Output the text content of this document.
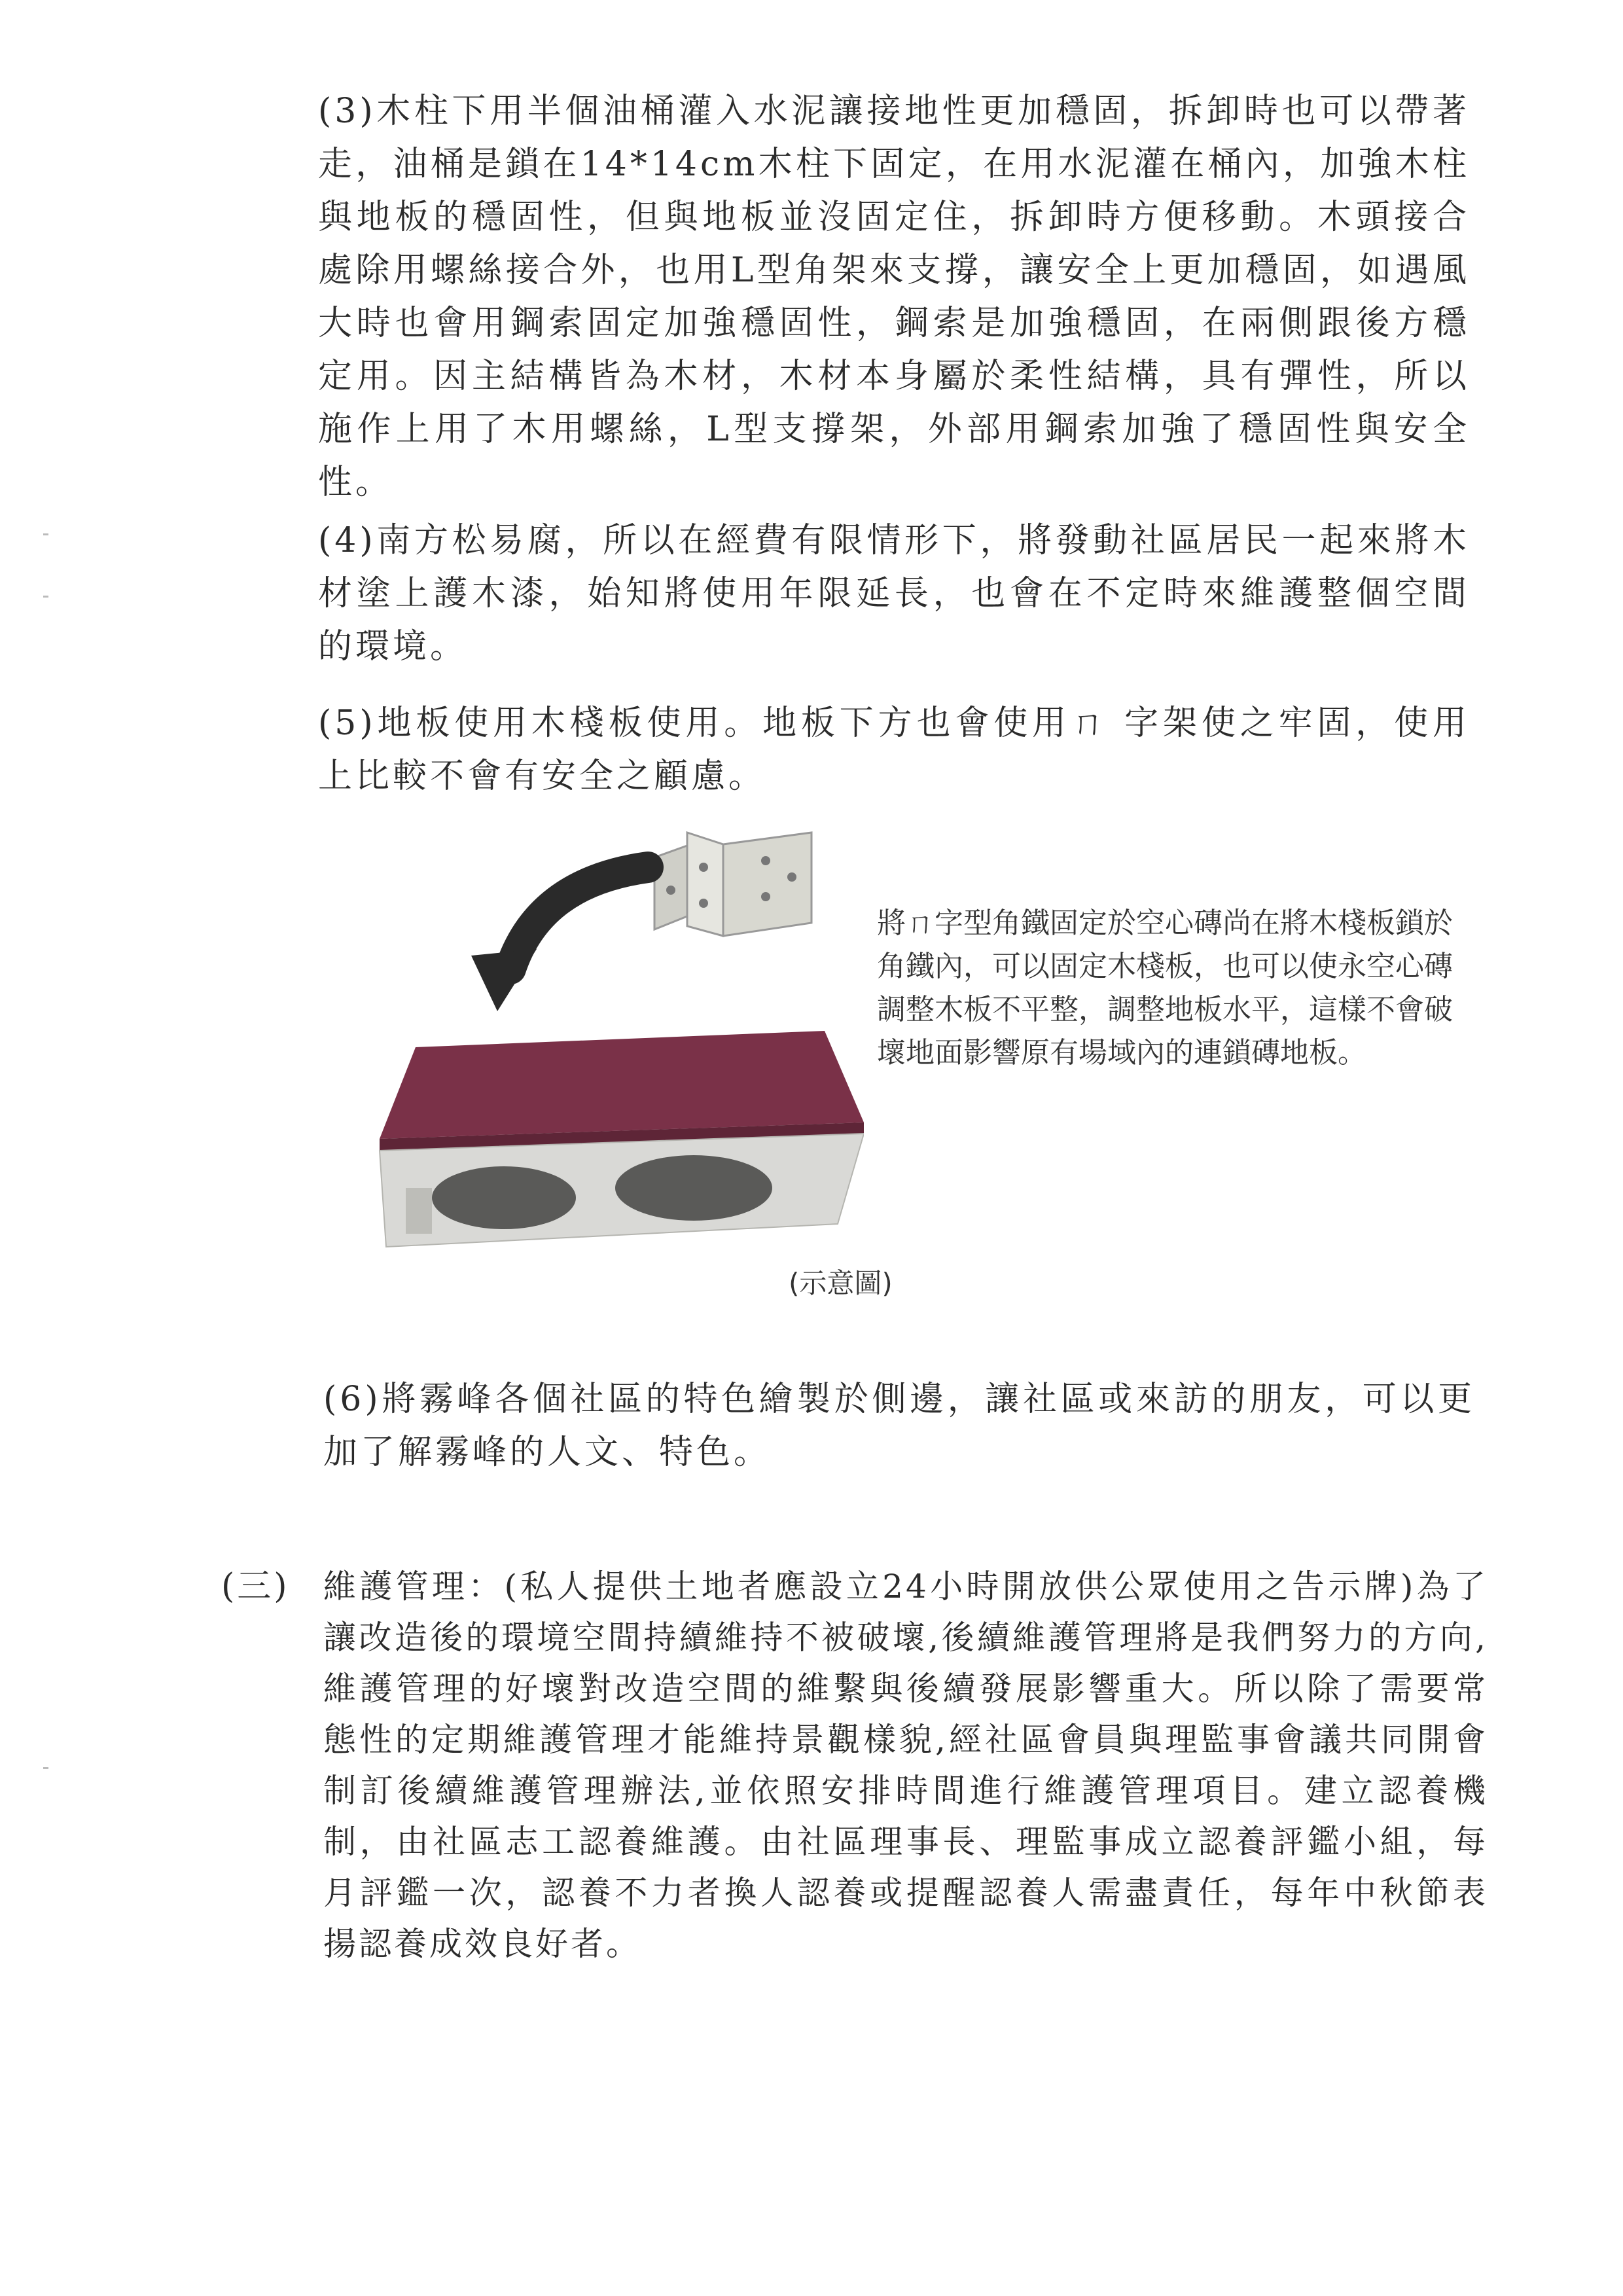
(3)木柱下用半個油桶灌入水泥讓接地性更加穩固，拆卸時也可以帶著走，油桶是鎖在14*14cm木柱下固定，在用水泥灌在桶內，加強木柱與地板的穩固性，但與地板並沒固定住，拆卸時方便移動。木頭接合處除用螺絲接合外，也用L型角架來支撐，讓安全上更加穩固，如遇風大時也會用鋼索固定加強穩固性，鋼索是加強穩固，在兩側跟後方穩定用。因主結構皆為木材，木材本身屬於柔性結構，具有彈性，所以施作上用了木用螺絲，L型支撐架，外部用鋼索加強了穩固性與安全性。
(4)南方松易腐，所以在經費有限情形下，將發動社區居民一起來將木材塗上護木漆，始知將使用年限延長，也會在不定時來維護整個空間的環境。
(5)地板使用木棧板使用。地板下方也會使用ㄇ 字架使之牢固，使用上比較不會有安全之顧慮。
將ㄇ字型角鐵固定於空心磚尚在將木棧板鎖於角鐵內，可以固定木棧板，也可以使永空心磚調整木板不平整，調整地板水平，這樣不會破壞地面影響原有場域內的連鎖磚地板。
(示意圖)
(6)將霧峰各個社區的特色繪製於側邊，讓社區或來訪的朋友，可以更加了解霧峰的人文、特色。
(三) 維護管理：(私人提供土地者應設立24小時開放供公眾使用之告示牌)為了讓改造後的環境空間持續維持不被破壞,後續維護管理將是我們努力的方向,維護管理的好壞對改造空間的維繫與後續發展影響重大。所以除了需要常態性的定期維護管理才能維持景觀樣貌,經社區會員與理監事會議共同開會制訂後續維護管理辦法,並依照安排時間進行維護管理項目。建立認養機制，由社區志工認養維護。由社區理事長、理監事成立認養評鑑小組，每月評鑑一次，認養不力者換人認養或提醒認養人需盡責任，每年中秋節表揚認養成效良好者。
